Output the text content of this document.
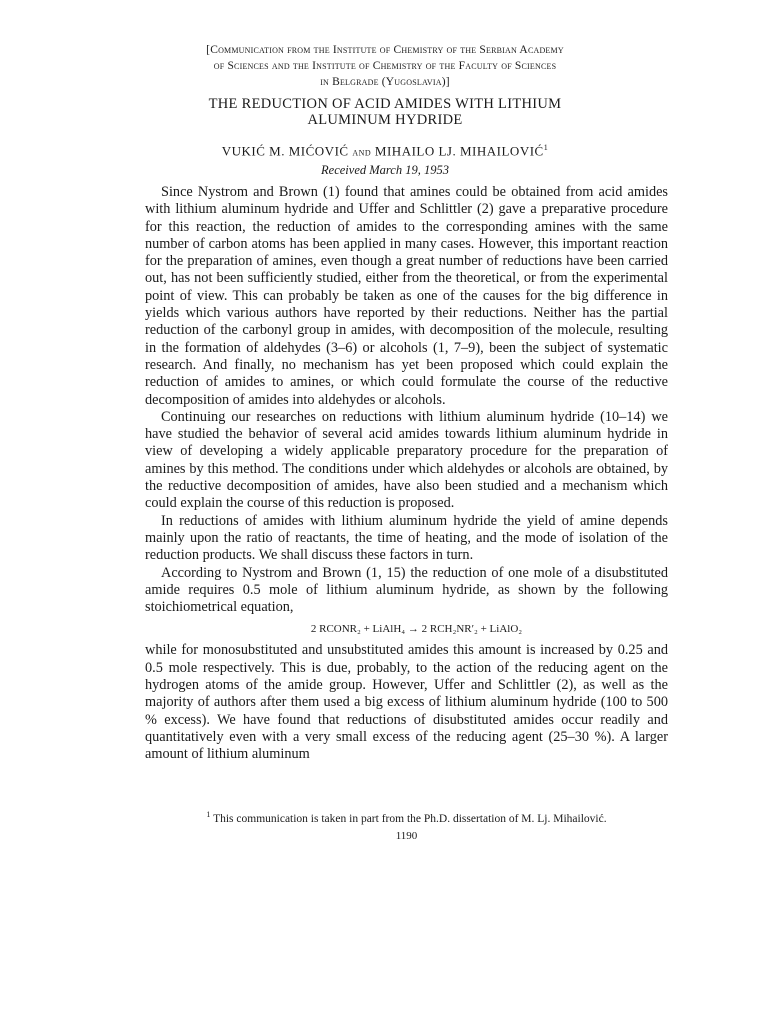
[Communication from the Institute of Chemistry of the Serbian Academy
of Sciences and the Institute of Chemistry of the Faculty of Sciences
in Belgrade (Yugoslavia)]
THE REDUCTION OF ACID AMIDES WITH LITHIUM
ALUMINUM HYDRIDE
VUKIĆ M. MIĆOVIĆ and MIHAILO LJ. MIHAILOVIĆ$^1$
Received March 19, 1953

Since Nystrom and Brown (1) found that amines could be obtained from acid amides with lithium aluminum hydride and Uffer and Schlittler (2) gave a preparative procedure for this reaction, the reduction of amides to the corresponding amines with the same number of carbon atoms has been applied in many cases. However, this important reaction for the preparation of amines, even though a great number of reductions have been carried out, has not been sufficiently studied, either from the theoretical, or from the experimental point of view. This can probably be taken as one of the causes for the big difference in yields which various authors have reported by their reductions. Neither has the partial reduction of the carbonyl group in amides, with decomposition of the molecule, resulting in the formation of aldehydes (3–6) or alcohols (1, 7–9), been the subject of systematic research. And finally, no mechanism has yet been proposed which could explain the reduction of amides to amines, or which could formulate the course of the reductive decomposition of amides into aldehydes or alcohols.

Continuing our researches on reductions with lithium aluminum hydride (10–14) we have studied the behavior of several acid amides towards lithium aluminum hydride in view of developing a widely applicable preparatory procedure for the preparation of amines by this method. The conditions under which aldehydes or alcohols are obtained, by the reductive decomposition of amides, have also been studied and a mechanism which could explain the course of this reduction is proposed.

In reductions of amides with lithium aluminum hydride the yield of amine depends mainly upon the ratio of reactants, the time of heating, and the mode of isolation of the reduction products. We shall discuss these factors in turn.

According to Nystrom and Brown (1, 15) the reduction of one mole of a disubstituted amide requires 0.5 mole of lithium aluminum hydride, as shown by the following stoichiometrical equation,

2 RCONR₂ + LiAlH₄ → 2 RCH₂NR′₂ + LiAlO₂

while for monosubstituted and unsubstituted amides this amount is increased by 0.25 and 0.5 mole respectively. This is due, probably, to the action of the reducing agent on the hydrogen atoms of the amide group. However, Uffer and Schlittler (2), as well as the majority of authors after them used a big excess of lithium aluminum hydride (100 to 500 % excess). We have found that reductions of disubstituted amides occur readily and quantitatively even with a very small excess of the reducing agent (25–30 %). A larger amount of lithium aluminum

$^1$ This communication is taken in part from the Ph.D. dissertation of M. Lj. Mihailović.
1190
